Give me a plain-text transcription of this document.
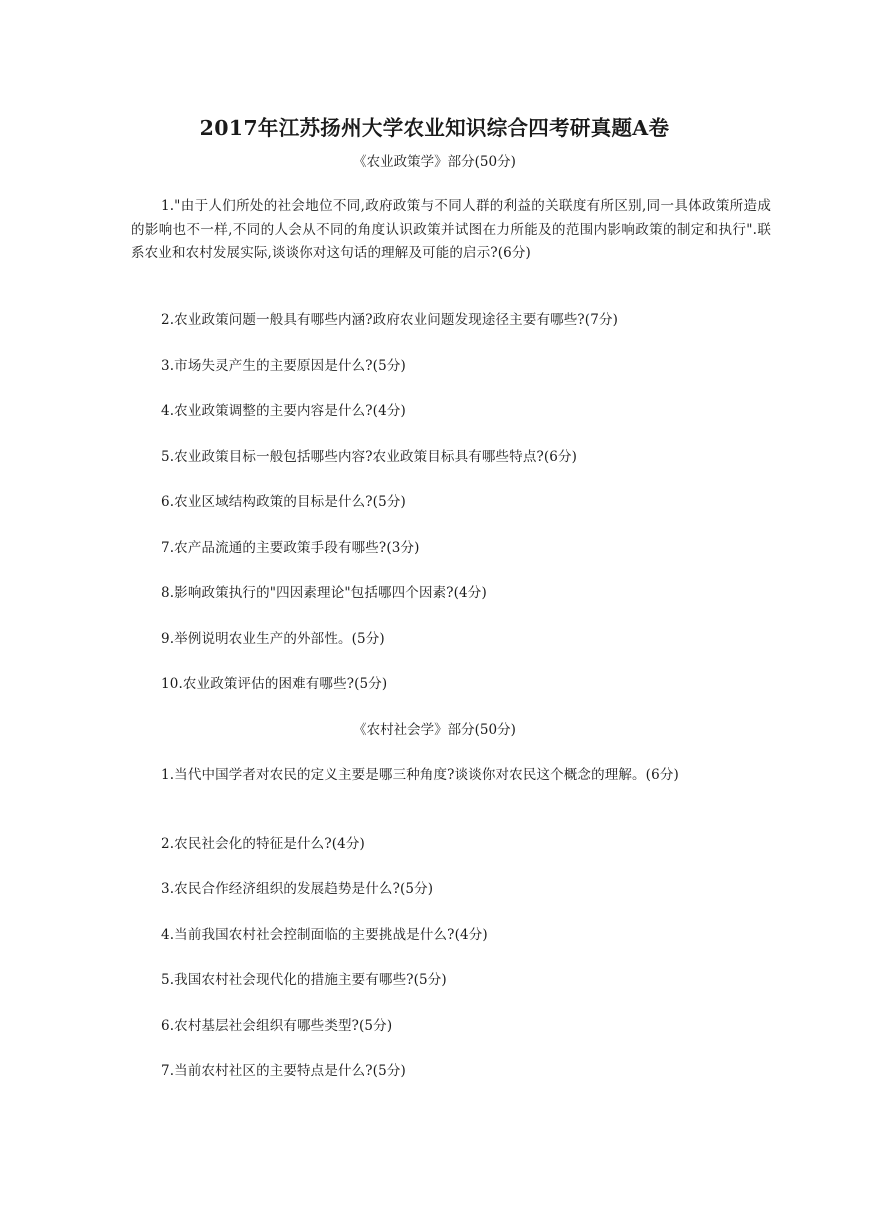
2017年江苏扬州大学农业知识综合四考研真题A卷
《农业政策学》部分(50分)
1."由于人们所处的社会地位不同,政府政策与不同人群的利益的关联度有所区别,同一具体政策所造成的影响也不一样,不同的人会从不同的角度认识政策并试图在力所能及的范围内影响政策的制定和执行".联系农业和农村发展实际,谈谈你对这句话的理解及可能的启示?(6分)
2.农业政策问题一般具有哪些内涵?政府农业问题发现途径主要有哪些?(7分)
3.市场失灵产生的主要原因是什么?(5分)
4.农业政策调整的主要内容是什么?(4分)
5.农业政策目标一般包括哪些内容?农业政策目标具有哪些特点?(6分)
6.农业区域结构政策的目标是什么?(5分)
7.农产品流通的主要政策手段有哪些?(3分)
8.影响政策执行的"四因素理论"包括哪四个因素?(4分)
9.举例说明农业生产的外部性。(5分)
10.农业政策评估的困难有哪些?(5分)
《农村社会学》部分(50分)
1.当代中国学者对农民的定义主要是哪三种角度?谈谈你对农民这个概念的理解。(6分)
2.农民社会化的特征是什么?(4分)
3.农民合作经济组织的发展趋势是什么?(5分)
4.当前我国农村社会控制面临的主要挑战是什么?(4分)
5.我国农村社会现代化的措施主要有哪些?(5分)
6.农村基层社会组织有哪些类型?(5分)
7.当前农村社区的主要特点是什么?(5分)
